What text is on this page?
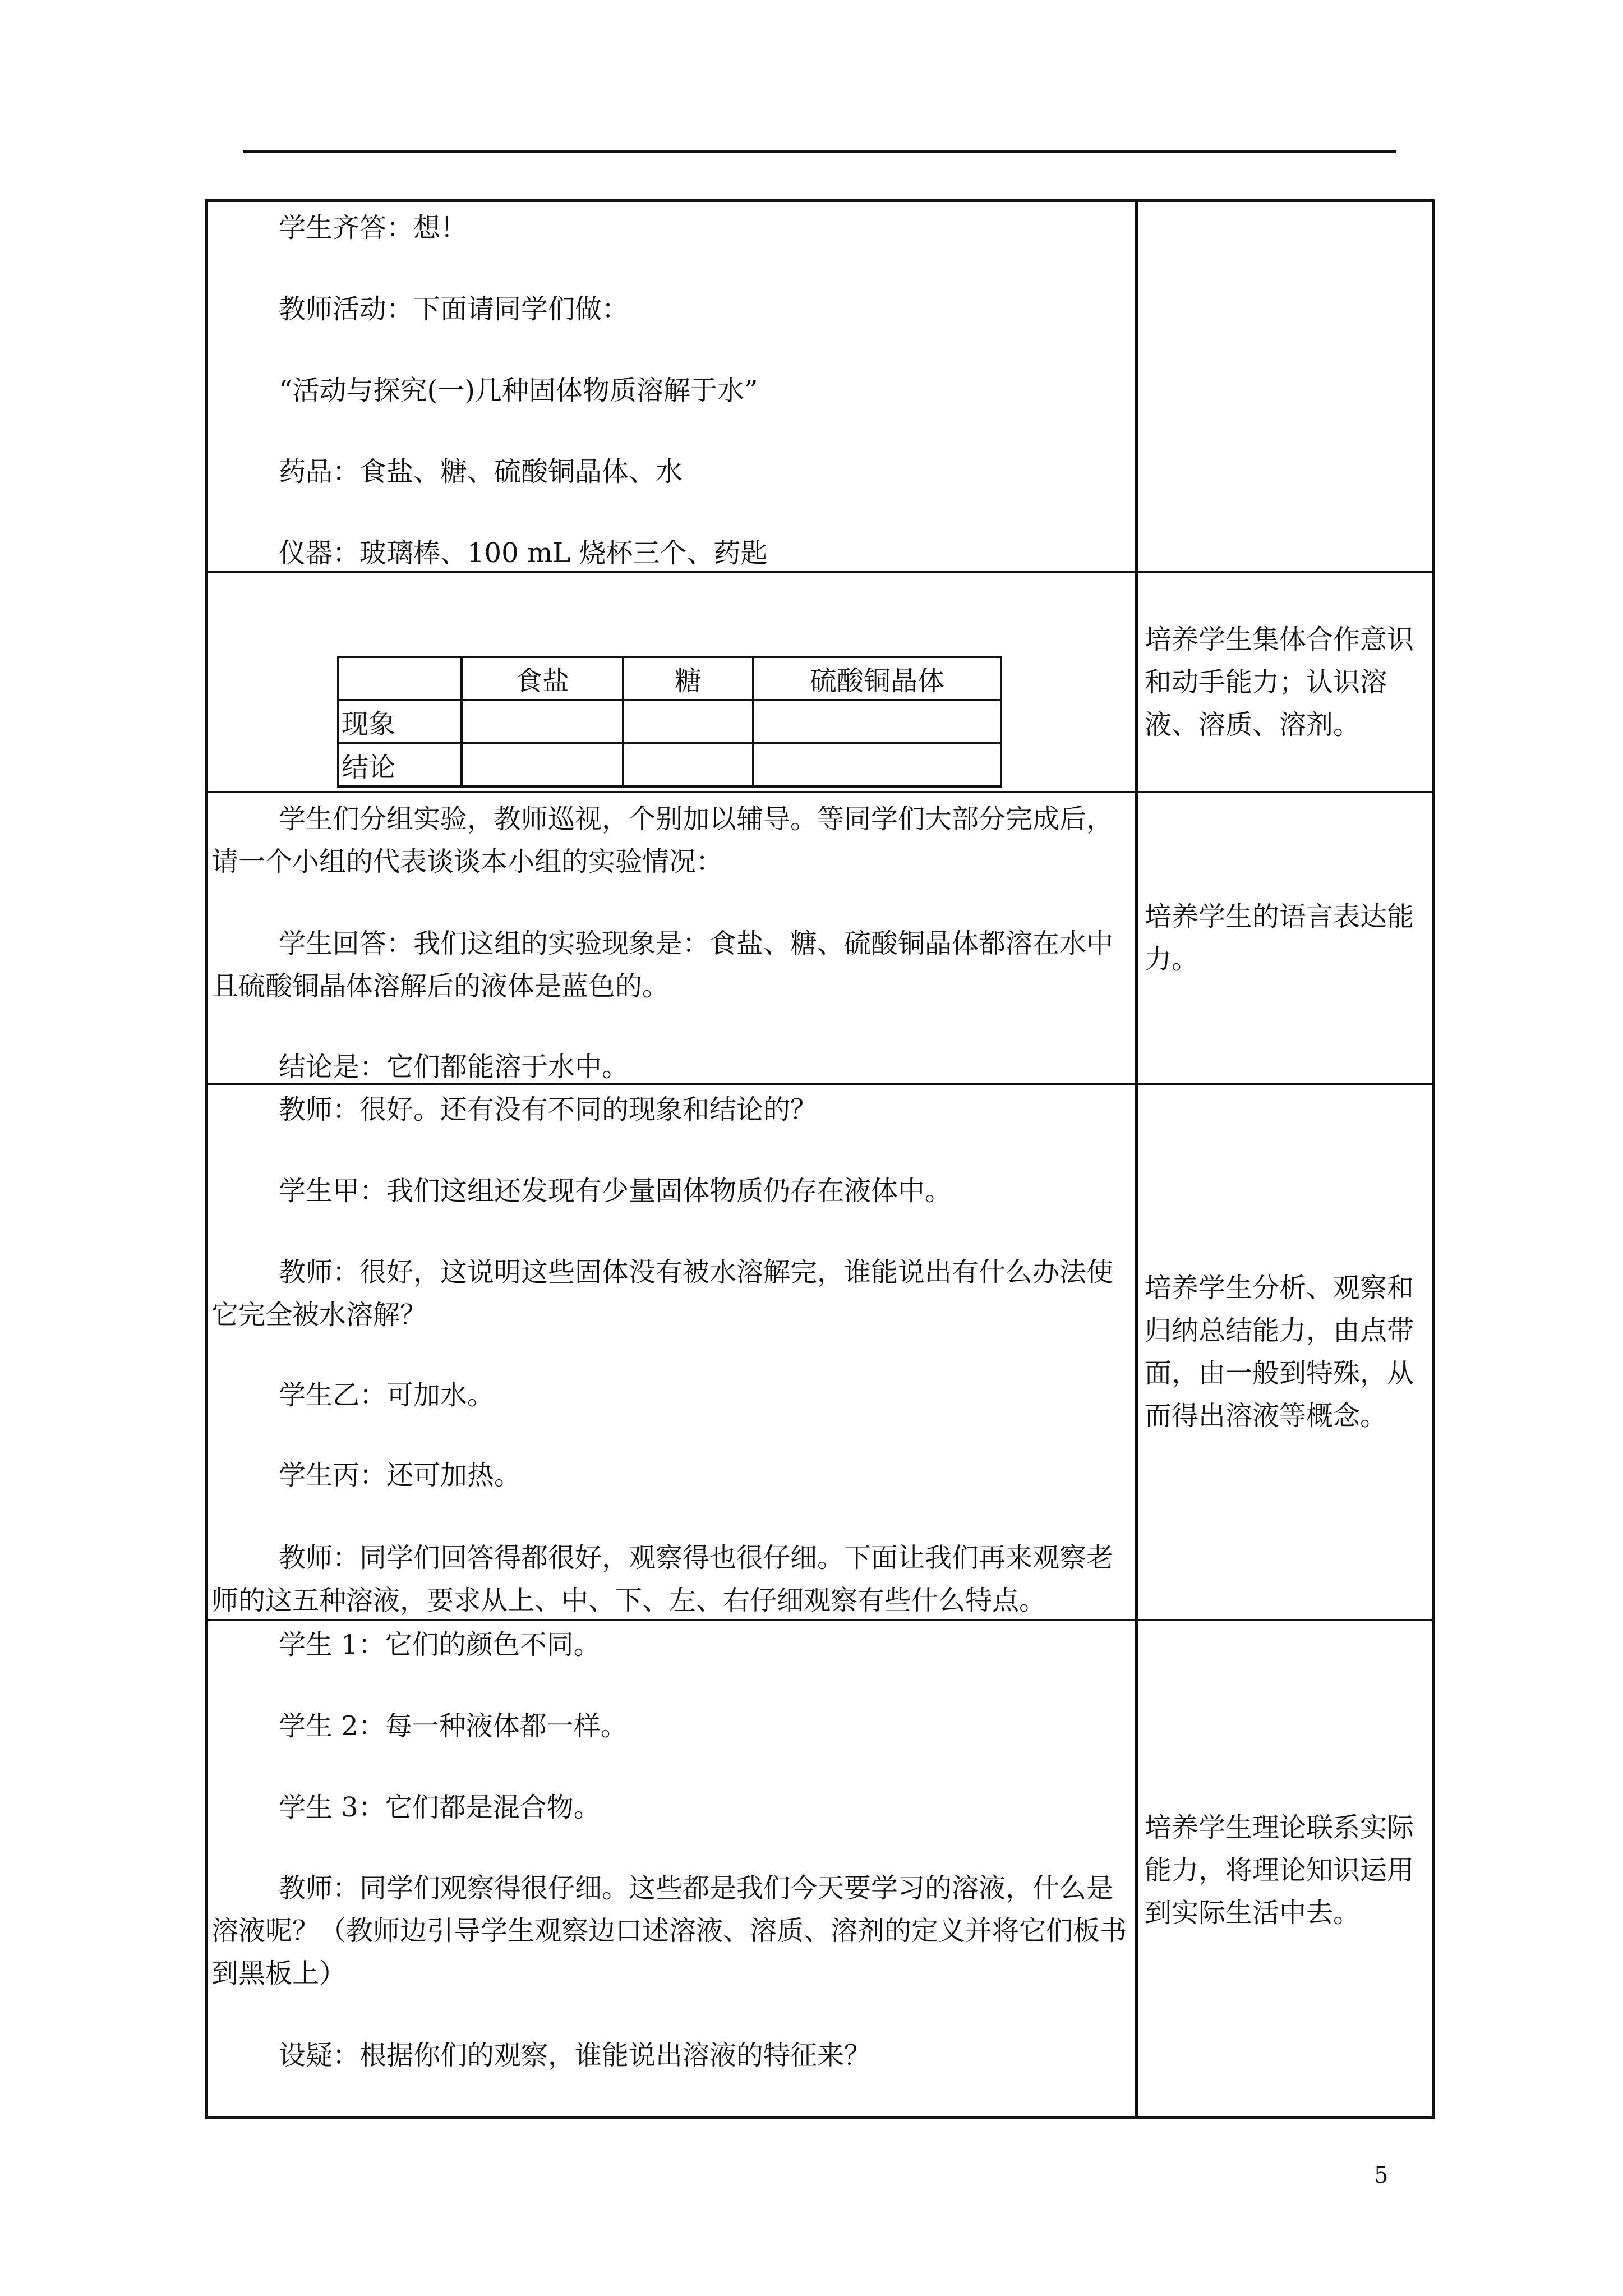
学生齐答：想！

教师活动：下面请同学们做：

“活动与探究(一)几种固体物质溶解于水”

药品：食盐、糖、硫酸铜晶体、水

仪器：玻璃棒、100 mL 烧杯三个、药匙

	食盐	糖	硫酸铜晶体
现象			
结论			

培养学生集体合作意识和动手能力；认识溶液、溶质、溶剂。

学生们分组实验，教师巡视，个别加以辅导。等同学们大部分完成后，请一个小组的代表谈谈本小组的实验情况：

学生回答：我们这组的实验现象是：食盐、糖、硫酸铜晶体都溶在水中且硫酸铜晶体溶解后的液体是蓝色的。

结论是：它们都能溶于水中。

培养学生的语言表达能力。

教师：很好。还有没有不同的现象和结论的？

学生甲：我们这组还发现有少量固体物质仍存在液体中。

教师：很好，这说明这些固体没有被水溶解完，谁能说出有什么办法使它完全被水溶解？

学生乙：可加水。

学生丙：还可加热。

教师：同学们回答得都很好，观察得也很仔细。下面让我们再来观察老师的这五种溶液，要求从上、中、下、左、右仔细观察有些什么特点。

培养学生分析、观察和归纳总结能力，由点带面，由一般到特殊，从而得出溶液等概念。

学生 1：它们的颜色不同。

学生 2：每一种液体都一样。

学生 3：它们都是混合物。

教师：同学们观察得很仔细。这些都是我们今天要学习的溶液，什么是溶液呢？（教师边引导学生观察边口述溶液、溶质、溶剂的定义并将它们板书到黑板上）

设疑：根据你们的观察，谁能说出溶液的特征来？

培养学生理论联系实际能力，将理论知识运用到实际生活中去。

5
